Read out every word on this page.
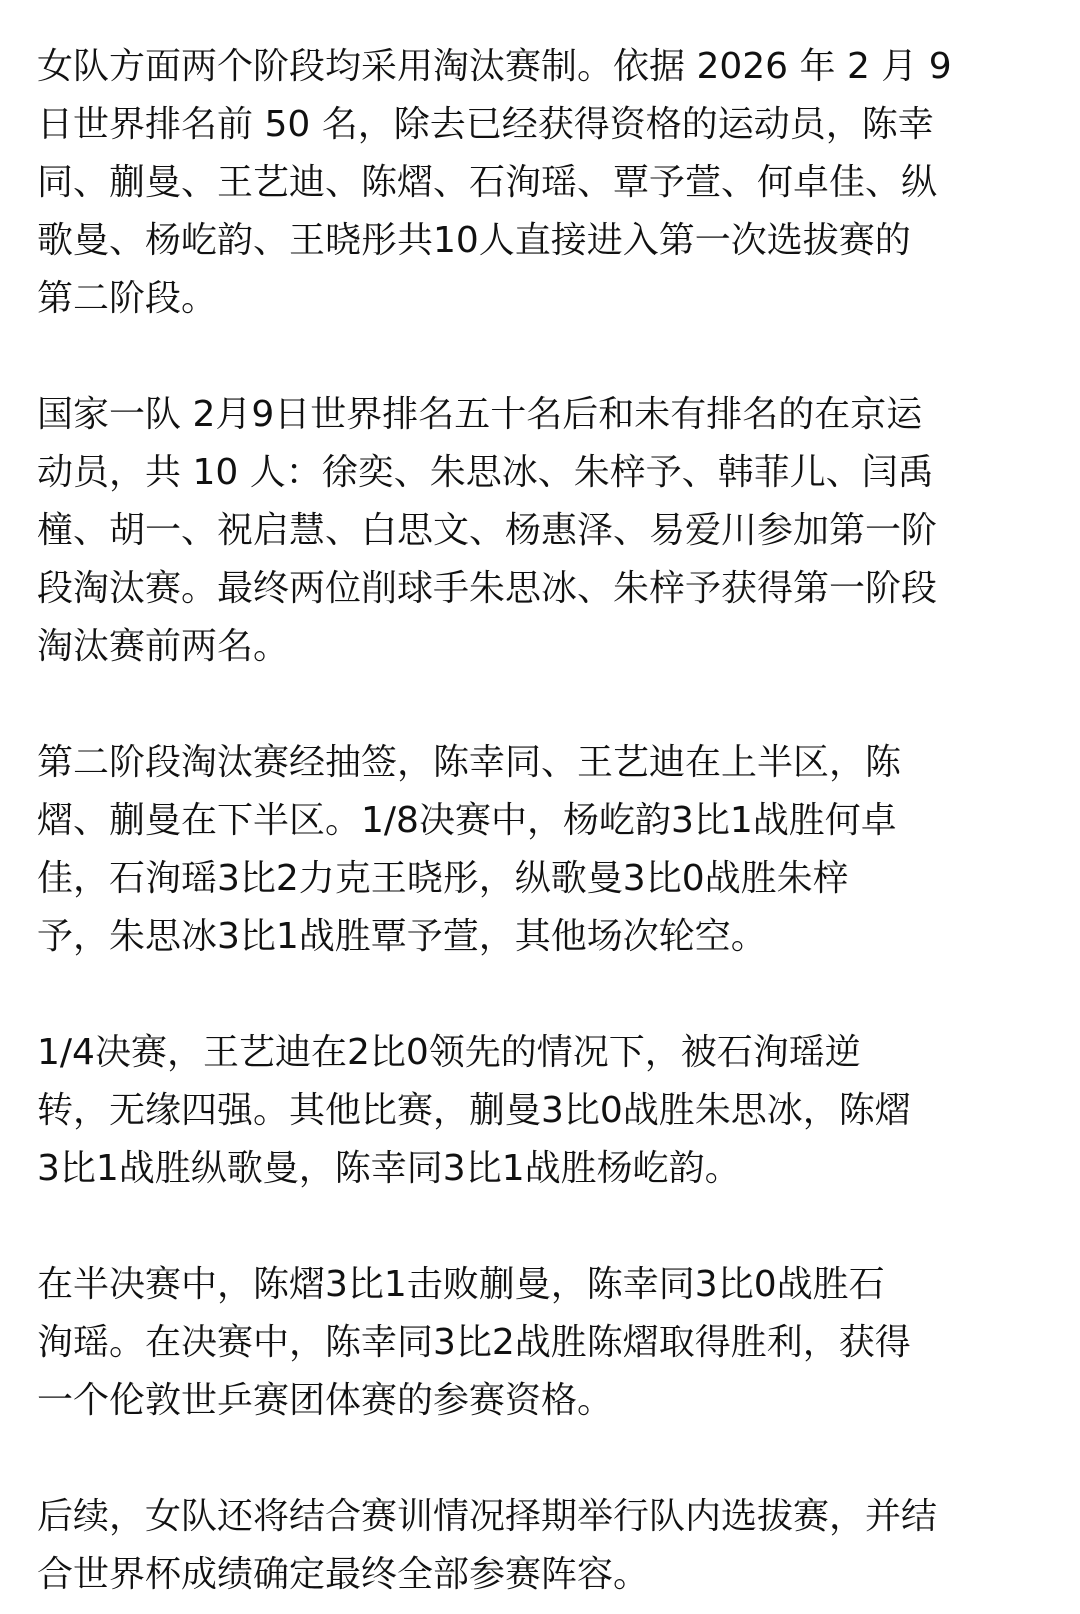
女队方面两个阶段均采用淘汰赛制。依据 2026 年 2 月 9
日世界排名前 50 名，除去已经获得资格的运动员，陈幸
同、蒯曼、王艺迪、陈熠、石洵瑶、覃予萱、何卓佳、纵
歌曼、杨屹韵、王晓彤共10人直接进入第一次选拔赛的
第二阶段。

国家一队 2月9日世界排名五十名后和未有排名的在京运
动员，共 10 人：徐奕、朱思冰、朱梓予、韩菲儿、闫禹
橦、胡一、祝启慧、白思文、杨惠泽、易爱川参加第一阶
段淘汰赛。最终两位削球手朱思冰、朱梓予获得第一阶段
淘汰赛前两名。

第二阶段淘汰赛经抽签，陈幸同、王艺迪在上半区，陈
熠、蒯曼在下半区。1/8决赛中，杨屹韵3比1战胜何卓
佳，石洵瑶3比2力克王晓彤，纵歌曼3比0战胜朱梓
予，朱思冰3比1战胜覃予萱，其他场次轮空。

1/4决赛，王艺迪在2比0领先的情况下，被石洵瑶逆
转，无缘四强。其他比赛，蒯曼3比0战胜朱思冰，陈熠
3比1战胜纵歌曼，陈幸同3比1战胜杨屹韵。

在半决赛中，陈熠3比1击败蒯曼，陈幸同3比0战胜石
洵瑶。在决赛中，陈幸同3比2战胜陈熠取得胜利，获得
一个伦敦世乒赛团体赛的参赛资格。

后续，女队还将结合赛训情况择期举行队内选拔赛，并结
合世界杯成绩确定最终全部参赛阵容。
